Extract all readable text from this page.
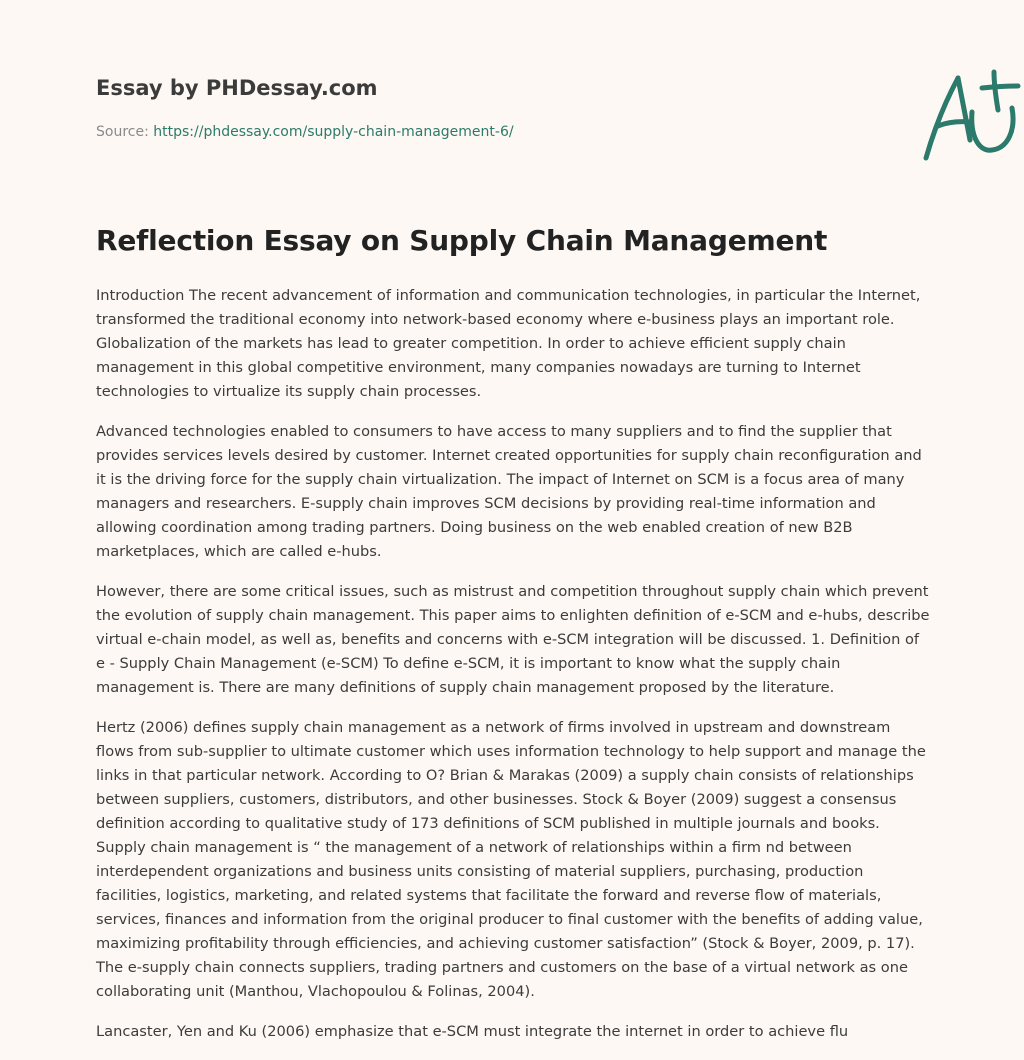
Essay by PHDessay.com
Source: https://phdessay.com/supply-chain-management-6/
Reflection Essay on Supply Chain Management

Introduction The recent advancement of information and communication technologies, in particular the Internet, transformed the traditional economy into network-based economy where e-business plays an important role. Globalization of the markets has lead to greater competition. In order to achieve efficient supply chain management in this global competitive environment, many companies nowadays are turning to Internet technologies to virtualize its supply chain processes.

Advanced technologies enabled to consumers to have access to many suppliers and to find the supplier that provides services levels desired by customer. Internet created opportunities for supply chain reconfiguration and it is the driving force for the supply chain virtualization. The impact of Internet on SCM is a focus area of many managers and researchers. E-supply chain improves SCM decisions by providing real-time information and allowing coordination among trading partners. Doing business on the web enabled creation of new B2B marketplaces, which are called e-hubs.

However, there are some critical issues, such as mistrust and competition throughout supply chain which prevent the evolution of supply chain management. This paper aims to enlighten definition of e-SCM and e-hubs, describe virtual e-chain model, as well as, benefits and concerns with e-SCM integration will be discussed. 1. Definition of e - Supply Chain Management (e-SCM) To define e-SCM, it is important to know what the supply chain management is. There are many definitions of supply chain management proposed by the literature.

Hertz (2006) defines supply chain management as a network of firms involved in upstream and downstream flows from sub-supplier to ultimate customer which uses information technology to help support and manage the links in that particular network. According to O? Brian & Marakas (2009) a supply chain consists of relationships between suppliers, customers, distributors, and other businesses. Stock & Boyer (2009) suggest a consensus definition according to qualitative study of 173 definitions of SCM published in multiple journals and books. Supply chain management is “ the management of a network of relationships within a firm nd between interdependent organizations and business units consisting of material suppliers, purchasing, production facilities, logistics, marketing, and related systems that facilitate the forward and reverse flow of materials, services, finances and information from the original producer to final customer with the benefits of adding value, maximizing profitability through efficiencies, and achieving customer satisfaction” (Stock & Boyer, 2009, p. 17). The e-supply chain connects suppliers, trading partners and customers on the base of a virtual network as one collaborating unit (Manthou, Vlachopoulou & Folinas, 2004).

Lancaster, Yen and Ku (2006) emphasize that e-SCM must integrate the internet in order to achieve flu
